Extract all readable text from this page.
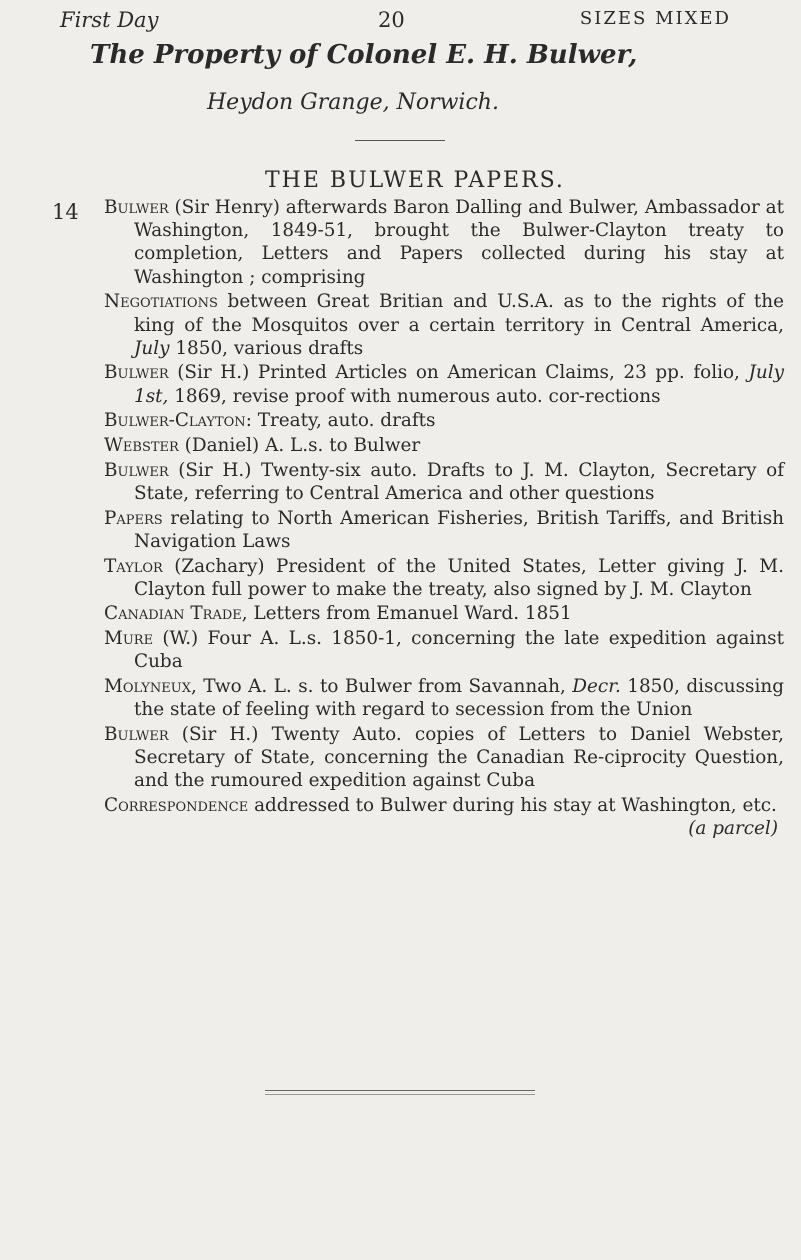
First Day	20	SIZES MIXED
The Property of Colonel E. H. Bulwer,
Heydon Grange, Norwich.
THE BULWER PAPERS.
14 Bulwer (Sir Henry) afterwards Baron Dalling and Bulwer, Ambassador at Washington, 1849-51, brought the Bulwer-Clayton treaty to completion, Letters and Papers collected during his stay at Washington ; comprising

Negotiations between Great Britian and U.S.A. as to the rights of the king of the Mosquitos over a certain territory in Central America, July 1850, various drafts

Bulwer (Sir H.) Printed Articles on American Claims, 23 pp. folio, July 1st, 1869, revise proof with numerous auto. cor-rections

Bulwer-Clayton: Treaty, auto. drafts

Webster (Daniel) A. L.s. to Bulwer

Bulwer (Sir H.) Twenty-six auto. Drafts to J. M. Clayton, Secretary of State, referring to Central America and other questions

Papers relating to North American Fisheries, British Tariffs, and British Navigation Laws

Taylor (Zachary) President of the United States, Letter giving J. M. Clayton full power to make the treaty, also signed by J. M. Clayton

Canadian Trade, Letters from Emanuel Ward. 1851

Mure (W.) Four A. L.s. 1850-1, concerning the late expedition against Cuba

Molyneux, Two A. L. s. to Bulwer from Savannah, Decr. 1850, discussing the state of feeling with regard to secession from the Union

Bulwer (Sir H.) Twenty Auto. copies of Letters to Daniel Webster, Secretary of State, concerning the Canadian Re-ciprocity Question, and the rumoured expedition against Cuba

Correspondence addressed to Bulwer during his stay at Washington, etc.
(a parcel)
